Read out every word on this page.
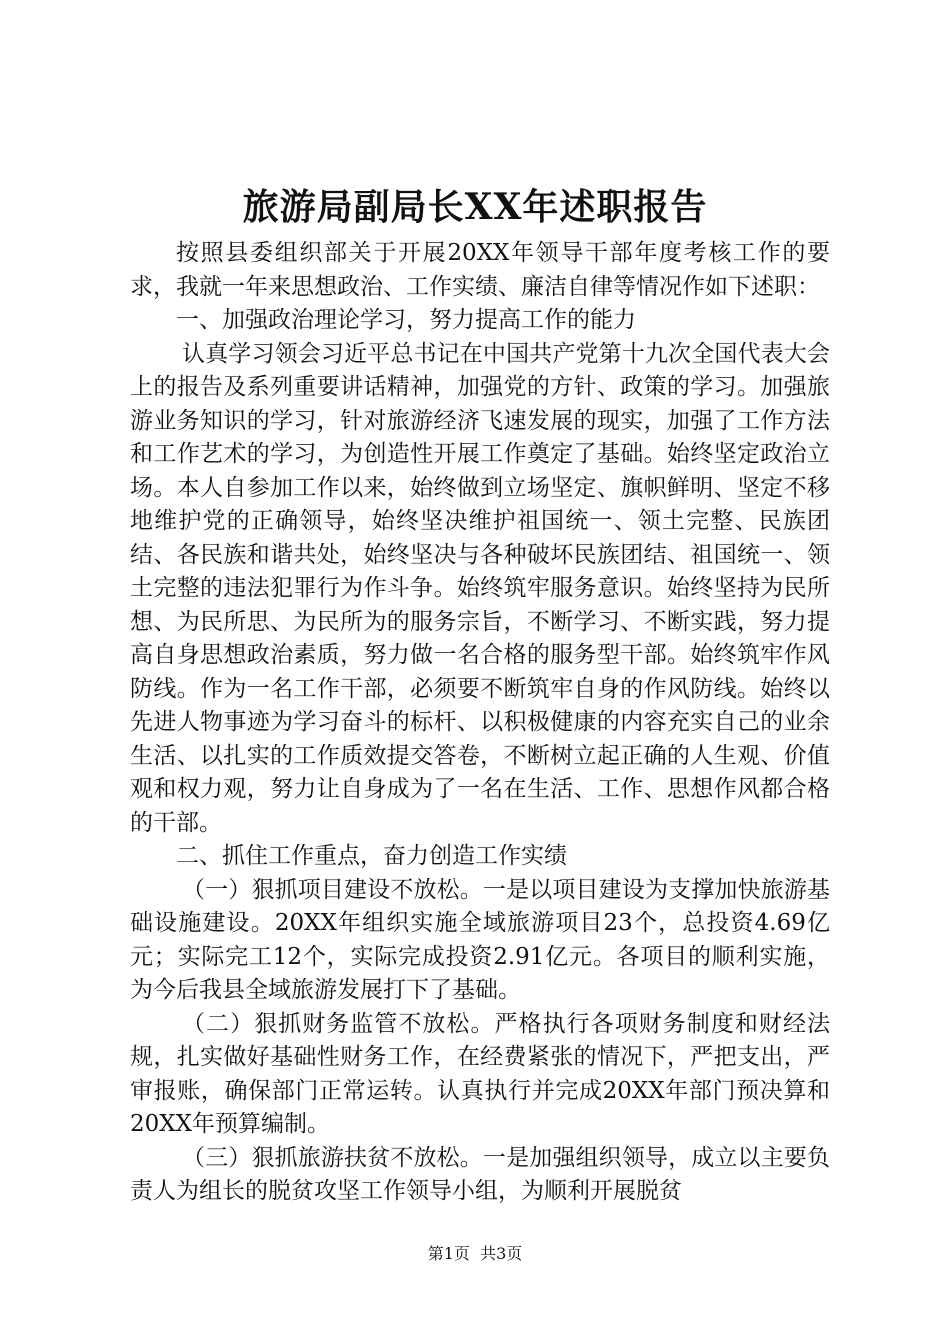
旅游局副局长XX年述职报告

按照县委组织部关于开展20XX年领导干部年度考核工作的要求，我就一年来思想政治、工作实绩、廉洁自律等情况作如下述职：

一、加强政治理论学习，努力提高工作的能力

认真学习领会习近平总书记在中国共产党第十九次全国代表大会上的报告及系列重要讲话精神，加强党的方针、政策的学习。加强旅游业务知识的学习，针对旅游经济飞速发展的现实，加强了工作方法和工作艺术的学习，为创造性开展工作奠定了基础。始终坚定政治立场。本人自参加工作以来，始终做到立场坚定、旗帜鲜明、坚定不移地维护党的正确领导，始终坚决维护祖国统一、领土完整、民族团结、各民族和谐共处，始终坚决与各种破坏民族团结、祖国统一、领土完整的违法犯罪行为作斗争。始终筑牢服务意识。始终坚持为民所想、为民所思、为民所为的服务宗旨，不断学习、不断实践，努力提高自身思想政治素质，努力做一名合格的服务型干部。始终筑牢作风防线。作为一名工作干部，必须要不断筑牢自身的作风防线。始终以先进人物事迹为学习奋斗的标杆、以积极健康的内容充实自己的业余生活、以扎实的工作质效提交答卷，不断树立起正确的人生观、价值观和权力观，努力让自身成为了一名在生活、工作、思想作风都合格的干部。

二、抓住工作重点，奋力创造工作实绩

（一）狠抓项目建设不放松。一是以项目建设为支撑加快旅游基础设施建设。20XX年组织实施全域旅游项目23个，总投资4.69亿元；实际完工12个，实际完成投资2.91亿元。各项目的顺利实施，为今后我县全域旅游发展打下了基础。

（二）狠抓财务监管不放松。严格执行各项财务制度和财经法规，扎实做好基础性财务工作，在经费紧张的情况下，严把支出，严审报账，确保部门正常运转。认真执行并完成20XX年部门预决算和20XX年预算编制。

（三）狠抓旅游扶贫不放松。一是加强组织领导，成立以主要负责人为组长的脱贫攻坚工作领导小组，为顺利开展脱贫

第1页 共3页
